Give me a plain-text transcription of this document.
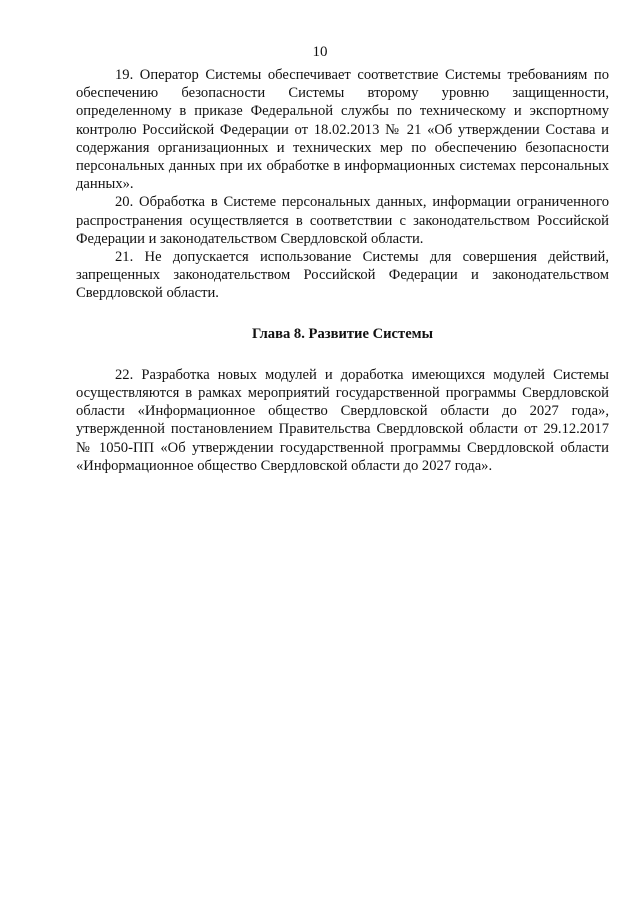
10

19. Оператор Системы обеспечивает соответствие Системы требованиям по обеспечению безопасности Системы второму уровню защищенности, определенному в приказе Федеральной службы по техническому и экспортному контролю Российской Федерации от 18.02.2013 № 21 «Об утверждении Состава и содержания организационных и технических мер по обеспечению безопасности персональных данных при их обработке в информационных системах персональных данных».

20. Обработка в Системе персональных данных, информации ограниченного распространения осуществляется в соответствии с законодательством Российской Федерации и законодательством Свердловской области.

21. Не допускается использование Системы для совершения действий, запрещенных законодательством Российской Федерации и законодательством Свердловской области.

Глава 8. Развитие Системы

22. Разработка новых модулей и доработка имеющихся модулей Системы осуществляются в рамках мероприятий государственной программы Свердловской области «Информационное общество Свердловской области до 2027 года», утвержденной постановлением Правительства Свердловской области от 29.12.2017 № 1050-ПП «Об утверждении государственной программы Свердловской области «Информационное общество Свердловской области до 2027 года».
